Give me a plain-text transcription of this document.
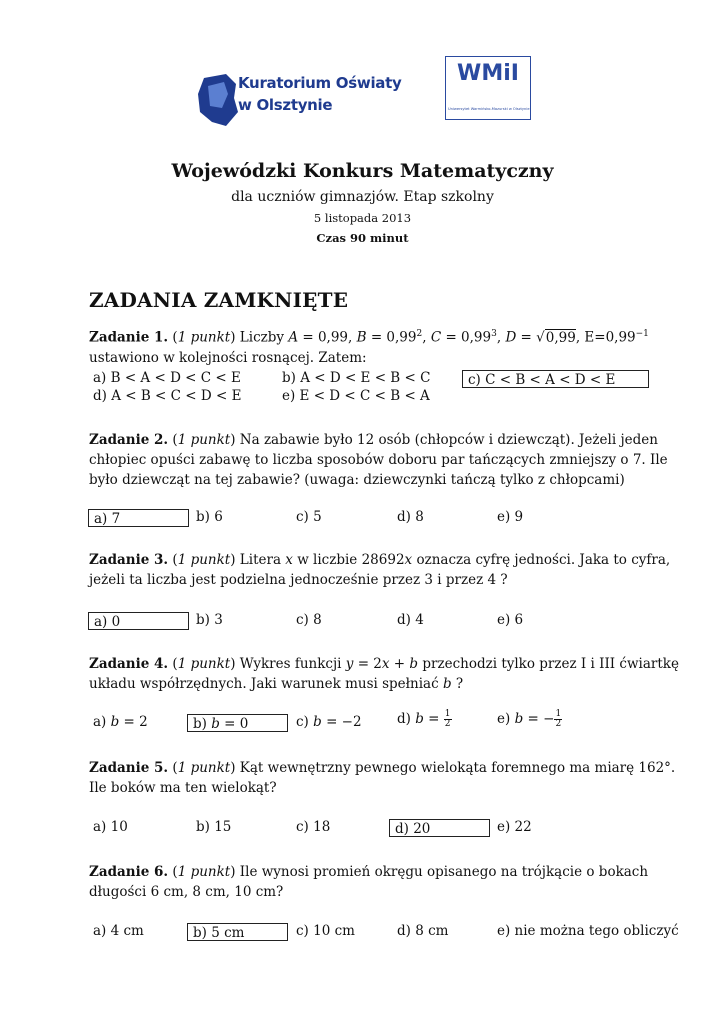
Kuratorium Oświaty
w Olsztynie
WMiI
Uniwersytet Warmińsko-Mazurski w Olsztynie
Wojewódzki Konkurs Matematyczny
dla uczniów gimnazjów. Etap szkolny
5 listopada 2013
Czas 90 minut
ZADANIA ZAMKNIĘTE
Zadanie 1. (1 punkt) Liczby A = 0,99, $B = 0,99^2$, $C = 0,99^3$, D = √0,99, $E=0,99^{-1}$
ustawiono w kolejności rosnącej. Zatem:
a) B < A < D < C < E	b) A < D < E < B < C	c) C < B < A < D < E
d) A < B < C < D < E	e) E < D < C < B < A
Zadanie 2. (1 punkt) Na zabawie było 12 osób (chłopców i dziewcząt). Jeżeli jeden chłopiec opuści zabawę to liczba sposobów doboru par tańczących zmniejszy o 7. Ile było dziewcząt na tej zabawie? (uwaga: dziewczynki tańczą tylko z chłopcami)
a) 7	b) 6	c) 5	d) 8	e) 9
Zadanie 3. (1 punkt) Litera x w liczbie 28692x oznacza cyfrę jedności. Jaka to cyfra, jeżeli ta liczba jest podzielna jednocześnie przez 3 i przez 4 ?
a) 0	b) 3	c) 8	d) 4	e) 6
Zadanie 4. (1 punkt) Wykres funkcji y = 2x + b przechodzi tylko przez I i III ćwiartkę układu współrzędnych. Jaki warunek musi spełniać b ?
a) b = 2	b) b = 0	c) b = −2	d) $b = \frac{1}{2}$	e) b = − $\frac{1}{2}$
Zadanie 5. (1 punkt) Kąt wewnętrzny pewnego wielokąta foremnego ma miarę 162°. Ile boków ma ten wielokąt?
a) 10	b) 15	c) 18	d) 20	e) 22
Zadanie 6. (1 punkt) Ile wynosi promień okręgu opisanego na trójkącie o bokach długości 6 cm, 8 cm, 10 cm?
a) 4 cm	b) 5 cm	c) 10 cm	d) 8 cm	e) nie można tego obliczyć
